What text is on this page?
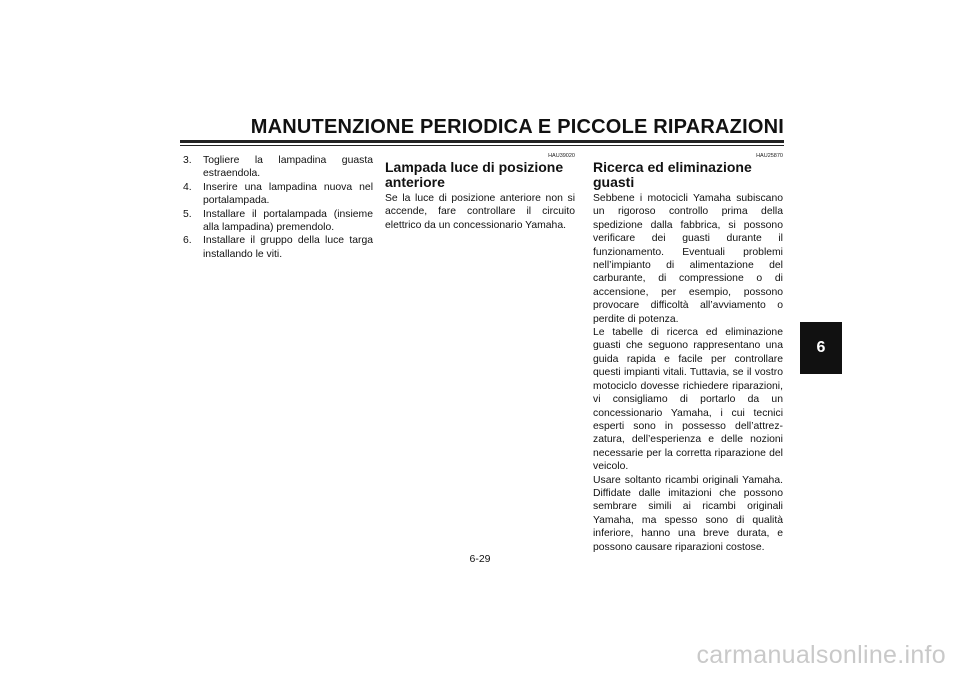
MANUTENZIONE PERIODICA E PICCOLE RIPARAZIONI
3. Togliere la lampadina guasta estraendola.
4. Inserire una lampadina nuova nel portalampada.
5. Installare il portalampada (insieme alla lampadina) premendolo.
6. Installare il gruppo della luce targa installando le viti.
HAU39020
Lampada luce di posizione anteriore

Se la luce di posizione anteriore non si accende, fare controllare il circuito elettrico da un concessionario Yamaha.

HAU25870
Ricerca ed eliminazione guasti

Sebbene i motocicli Yamaha subiscano un rigoroso controllo prima della spedizione dalla fabbrica, si possono verificare dei guasti durante il funzionamento. Eventuali problemi nell’impianto di alimentazione del carburante, di compressione o di accensione, per esempio, possono provocare difficoltà all’avviamento o perdite di potenza.

Le tabelle di ricerca ed eliminazione guasti che seguono rappresentano una guida rapida e facile per controllare questi impianti vitali. Tuttavia, se il vostro motociclo dovesse richiedere riparazioni, vi consigliamo di portarlo da un concessionario Yamaha, i cui tecnici esperti sono in possesso dell’attrezzatura, dell’esperienza e delle nozioni necessarie per la corretta riparazione del veicolo.

Usare soltanto ricambi originali Yamaha. Diffidate dalle imitazioni che possono sembrare simili ai ricambi originali Yamaha, ma spesso sono di qualità inferiore, hanno una breve durata, e possono causare riparazioni costose.

6
6-29
carmanualsonline.info
